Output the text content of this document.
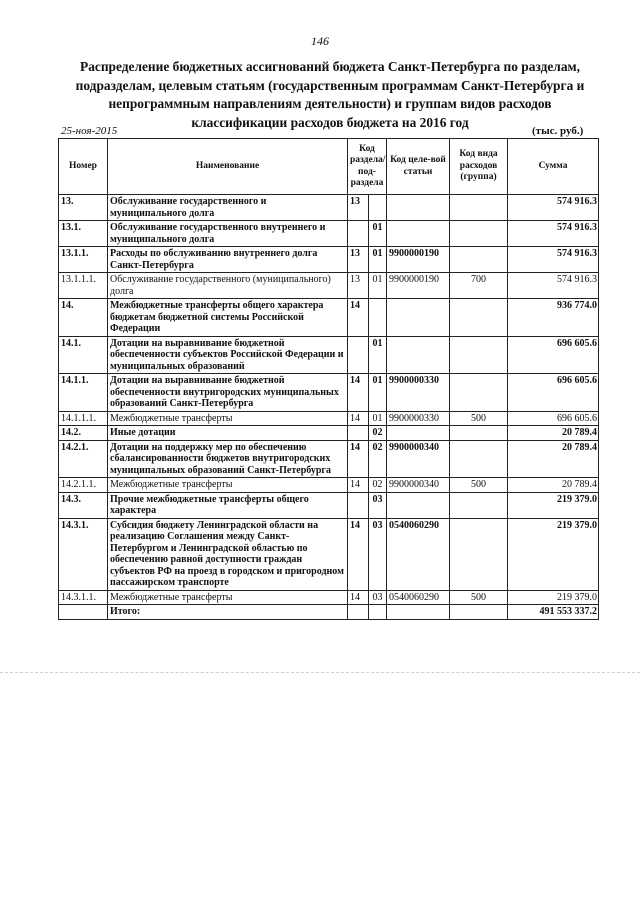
146
Распределение бюджетных ассигнований бюджета Санкт-Петербурга по разделам, подразделам, целевым статьям (государственным программам Санкт-Петербурга и непрограммным направлениям деятельности) и группам видов расходов классификации расходов бюджета на 2016 год
25-ноя-2015	(тыс. руб.)
Номер	Наименование	Код раздела/ под-раздела		Код целе-вой статьи	Код вида расходов (группа)	Сумма
13.	Обслуживание государственного и муниципального долга	13				574 916.3
13.1.	Обслуживание государственного внутреннего и муниципального долга		01			574 916.3
13.1.1.	Расходы по обслуживанию внутреннего долга Санкт-Петербурга	13	01	9900000190		574 916.3
13.1.1.1.	Обслуживание государственного (муниципального) долга	13	01	9900000190	700	574 916.3
14.	Межбюджетные трансферты общего характера бюджетам бюджетной системы Российской Федерации	14				936 774.0
14.1.	Дотации на выравнивание бюджетной обеспеченности субъектов Российской Федерации и муниципальных образований		01			696 605.6
14.1.1.	Дотации на выравнивание бюджетной обеспеченности внутригородских муниципальных образований Санкт-Петербурга	14	01	9900000330		696 605.6
14.1.1.1.	Межбюджетные трансферты	14	01	9900000330	500	696 605.6
14.2.	Иные дотации		02			20 789.4
14.2.1.	Дотации на поддержку мер по обеспечению сбалансированности бюджетов внутригородских муниципальных образований Санкт-Петербурга	14	02	9900000340		20 789.4
14.2.1.1.	Межбюджетные трансферты	14	02	9900000340	500	20 789.4
14.3.	Прочие межбюджетные трансферты общего характера		03			219 379.0
14.3.1.	Субсидия бюджету Ленинградской области на реализацию Соглашения между Санкт-Петербургом и Ленинградской областью по обеспечению равной доступности граждан субъектов РФ на проезд в городском и пригородном пассажирском транспорте	14	03	0540060290		219 379.0
14.3.1.1.	Межбюджетные трансферты	14	03	0540060290	500	219 379.0
	Итого:					491 553 337.2
